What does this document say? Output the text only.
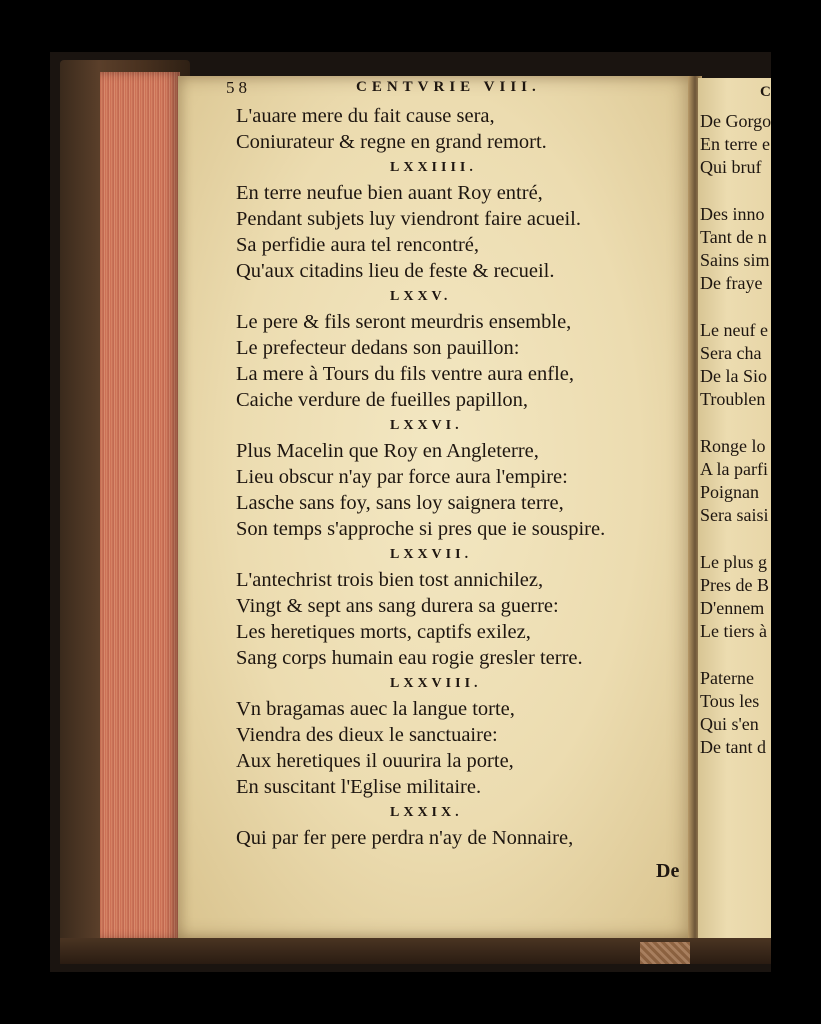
58	CENTVRIE VIII.
L'auare mere du fait cause sera,
Coniurateur & regne en grand remort.
LXXIIII.
En terre neufue bien auant Roy entré,
Pendant subjets luy viendront faire acueil.
Sa perfidie aura tel rencontré,
Qu'aux citadins lieu de feste & recueil.
LXXV.
Le pere & fils seront meurdris ensemble,
Le prefecteur dedans son pauillon:
La mere à Tours du fils ventre aura enfle,
Caiche verdure de fueilles papillon,
LXXVI.
Plus Macelin que Roy en Angleterre,
Lieu obscur n'ay par force aura l'empire:
Lasche sans foy, sans loy saignera terre,
Son temps s'approche si pres que ie souspire.
LXXVII.
L'antechrist trois bien tost annichilez,
Vingt & sept ans sang durera sa guerre:
Les heretiques morts, captifs exilez,
Sang corps humain eau rogie gresler terre.
LXXVIII.
Vn bragamas auec la langue torte,
Viendra des dieux le sanctuaire:
Aux heretiques il ouurira la porte,
En suscitant l'Eglise militaire.
LXXIX.
Qui par fer pere perdra n'ay de Nonnaire,
De
C
De Gorgo
En terre e
Qui bruf
Des inno
Tant de n
Sains sim
De fraye
Le neuf e
Sera cha
De la Sio
Troublen
Ronge lo
A la parfi
Poignan
Sera saisi
Le plus g
Pres de B
D'ennem
Le tiers à
Paterne
Tous les
Qui s'en
De tant d
